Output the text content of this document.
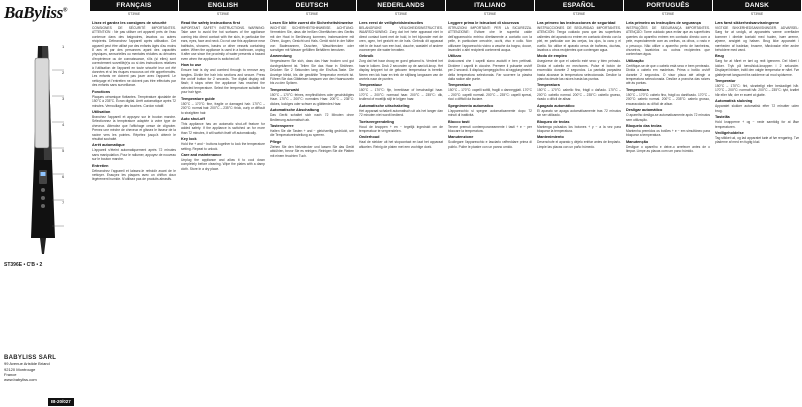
BaByliss®
1
2
3
4
5
6
7
ST396E • C'B • 2
BABYLISS SARL
99 Avenue Aristide Briand
92120 Montrouge
France
www.babyliss.com
IB-20/027
FRANÇAIS
ST396E
Lisez et gardez les consignes de sécurité
CONSIGNES DE SÉCURITÉ IMPORTANTES. ATTENTION : Ne pas utiliser cet appareil près de l'eau contenue dans des baignoires, lavabos ou autres récipients. Débranchez l'appareil après utilisation. Cet appareil peut être utilisé par des enfants âgés d'au moins 8 ans et par des personnes ayant des capacités physiques, sensorielles ou mentales réduites ou dénuées d'expérience ou de connaissance, s'ils (si elles) sont correctement surveillé(e)s ou si des instructions relatives à l'utilisation de l'appareil en toute sécurité leur ont été données et si les risques encourus ont été appréhendés. Les enfants ne doivent pas jouer avec l'appareil. Le nettoyage et l'entretien ne doivent pas être effectués par des enfants sans surveillance.
Fonctions
Plaques céramique flottantes. Température ajustable de 150°C à 235°C. Écran digital. Arrêt automatique après 72 minutes. Verrouillage des touches. Cordon rotatif.
Utilisation
Branchez l'appareil et appuyez sur le bouton marche. Sélectionnez la température adaptée à votre type de cheveux. Attendez que l'affichage cesse de clignoter. Prenez une mèche de cheveux et glissez le lisseur de la racine vers les pointes. Répétez jusqu'à obtenir le résultat souhaité.
Arrêt automatique
L'appareil s'éteint automatiquement après 72 minutes sans manipulation. Pour le rallumer, appuyez de nouveau sur le bouton marche.
Entretien
Débranchez l'appareil et laissez-le refroidir avant de le nettoyer. Essuyez les plaques avec un chiffon doux légèrement humide. N'utilisez pas de produits abrasifs.
ENGLISH
ST396E
Read the safety instructions first
IMPORTANT SAFETY INSTRUCTIONS. WARNING: Take care to avoid the hot surfaces of the appliance coming into direct contact with the skin, in particular the ears, eyes, face and neck. Do not use this appliance near bathtubs, showers, basins or other vessels containing water. When the appliance is used in a bathroom, unplug it after use since the proximity of water presents a hazard even when the appliance is switched off.
How to use
Ensure hair is dry and combed through to remove any tangles. Divide the hair into sections and secure. Press the on/off button for 2 seconds. The digital display will flash; it stops when the appliance has reached the selected temperature. Select the temperature suitable for your hair type.
Temperature guide
150°C – 170°C: fine, fragile or damaged hair. 170°C – 200°C: normal hair. 200°C – 235°C: thick, curly or difficult to straighten hair.
Auto shut-off
This appliance has an automatic shut-off feature for added safety. If the appliance is switched on for more than 72 minutes, it will switch itself off automatically.
Key lock
Hold the + and − buttons together to lock the temperature setting. Repeat to unlock.
Care and maintenance
Unplug the appliance and allow it to cool down completely before cleaning. Wipe the plates with a damp cloth. Store in a dry place.
DEUTSCH
ST396E
Lesen Sie bitte zuerst die Sicherheitshinweise
WICHTIGE SICHERHEITSHINWEISE. ACHTUNG: Vermeiden Sie, dass die heißen Oberflächen des Geräts mit der Haut in Berührung kommen, insbesondere mit Ohren, Augen, Gesicht und Hals. Gerät nicht in der Nähe von Badewannen, Duschen, Waschbecken oder sonstigen mit Wasser gefüllten Behältern benutzen.
Anwendung
Vergewissern Sie sich, dass das Haar trocken und gut durchgekämmt ist. Teilen Sie das Haar in Strähnen. Drücken Sie 2 Sekunden lang die Ein/Aus-Taste. Die Anzeige blinkt, bis die gewählte Temperatur erreicht ist. Führen Sie das Glätteisen langsam von den Haarwurzeln bis zu den Spitzen.
Temperaturwahl
150°C – 170°C: feines, empfindliches oder geschädigtes Haar. 170°C – 200°C: normales Haar. 200°C – 235°C: dickes, lockiges oder schwer zu glättendes Haar.
Automatische Abschaltung
Das Gerät schaltet sich nach 72 Minuten ohne Bedienung automatisch ab.
Tastensperre
Halten Sie die Tasten + und − gleichzeitig gedrückt, um die Temperatureinstellung zu sperren.
Pflege
Ziehen Sie den Netzstecker und lassen Sie das Gerät abkühlen, bevor Sie es reinigen. Reinigen Sie die Platten mit einem feuchten Tuch.
NEDERLANDS
ST396E
Lees eerst de veiligheidsinstructies
BELANGRIJKE VEILIGHEIDSINSTRUCTIES. WAARSCHUWING: Zorg dat het hete apparaat niet in direct contact komt met de huid, in het bijzonder met de oren, ogen, het gezicht en de hals. Gebruik dit apparaat niet in de buurt van een bad, douche, wastafel of andere voorwerpen die water bevatten.
Gebruik
Zorg dat het haar droog en goed gekamd is. Verdeel het haar in lokken. Druk 2 seconden op de aan/uit-knop. Het display knippert tot de gekozen temperatuur is bereikt. Neem een lok haar en trek de stijltang langzaam van de wortels naar de punten.
Temperatuur
150°C – 170°C: fijn, breekbaar of beschadigd haar. 170°C – 200°C: normaal haar. 200°C – 235°C: dik, krullend of moeilijk stijl te krijgen haar.
Automatische uitschakeling
Het apparaat schakelt automatisch uit als het langer dan 72 minuten niet wordt bediend.
Toetsvergrendeling
Houd de knoppen + en − tegelijk ingedrukt om de temperatuur te vergrendelen.
Onderhoud
Haal de stekker uit het stopcontact en laat het apparaat afkoelen. Reinig de platen met een vochtige doek.
ITALIANO
ST396E
Leggere prima le istruzioni di sicurezza
ISTRUZIONI IMPORTANTI PER LA SICUREZZA. ATTENZIONE: Evitare che le superfici calde dell'apparecchio entrino direttamente a contatto con la pelle, in particolare orecchie, occhi, viso e collo. Non utilizzare l'apparecchio vicino a vasche da bagno, docce, lavandini o altri recipienti contenenti acqua.
Utilizzo
Assicurarsi che i capelli siano asciutti e ben pettinati. Dividere i capelli in ciocche. Premere il pulsante on/off per 2 secondi. Il display lampeggia fino al raggiungimento della temperatura selezionata. Far scorrere la piastra dalla radice alle punte.
Temperatura
150°C – 170°C: capelli sottili, fragili o danneggiati. 170°C – 200°C: capelli normali. 200°C – 235°C: capelli spessi, ricci o difficili da lisciare.
Spegnimento automatico
L'apparecchio si spegne automaticamente dopo 72 minuti di inattività.
Blocco tasti
Tenere premuti contemporaneamente i tasti + e − per bloccare la temperatura.
Manutenzione
Scollegare l'apparecchio e lasciarlo raffreddare prima di pulirlo. Pulire le piastre con un panno umido.
ESPAÑOL
ST396E
Lea primero las instrucciones de seguridad
INSTRUCCIONES DE SEGURIDAD IMPORTANTES. ATENCIÓN: Tenga cuidado para que las superficies calientes del aparato no entren en contacto directo con la piel, en particular con las orejas, los ojos, la cara y el cuello. No utilice el aparato cerca de bañeras, duchas, lavabos u otros recipientes que contengan agua.
Modo de empleo
Asegúrese de que el cabello esté seco y bien peinado. Divida el cabello en mechones. Pulse el botón de encendido durante 2 segundos. La pantalla parpadea hasta alcanzar la temperatura seleccionada. Deslice la plancha desde las raíces hasta las puntas.
Temperatura
150°C – 170°C: cabello fino, frágil o dañado. 170°C – 200°C: cabello normal. 200°C – 235°C: cabello grueso, rizado o difícil de alisar.
Apagado automático
El aparato se apaga automáticamente tras 72 minutos sin ser utilizado.
Bloqueo de teclas
Mantenga pulsados los botones + y − a la vez para bloquear la temperatura.
Mantenimiento
Desenchufe el aparato y déjelo enfriar antes de limpiarlo. Limpie las placas con un paño húmedo.
PORTUGUÊS
ST396E
Leia primeiro as instruções de segurança
INSTRUÇÕES DE SEGURANÇA IMPORTANTES. ATENÇÃO: Tome cuidado para evitar que as superfícies quentes do aparelho entrem em contacto directo com a pele, especialmente com as orelhas, os olhos, o rosto e o pescoço. Não utilize o aparelho perto de banheiras, chuveiros, lavatórios ou outros recipientes que contenham água.
Utilização
Certifique-se de que o cabelo está seco e bem penteado. Divida o cabelo em madeixas. Prima o botão on/off durante 2 segundos. O visor pisca até atingir a temperatura seleccionada. Deslize a prancha das raízes até às pontas.
Temperatura
150°C – 170°C: cabelo fino, frágil ou danificado. 170°C – 200°C: cabelo normal. 200°C – 235°C: cabelo grosso, encaracolado ou difícil de alisar.
Desligar automático
O aparelho desliga-se automaticamente após 72 minutos sem utilização.
Bloqueio das teclas
Mantenha premidos os botões + e − em simultâneo para bloquear a temperatura.
Manutenção
Desligue o aparelho e deixe-o arrefecer antes de o limpar. Limpe as placas com um pano húmido.
DANSK
ST396E
Læs først sikkerhedsanvisningerne
VIGTIGE SIKKERHEDSANVISNINGER. ADVARSEL: Sørg for at undgå, at apparatets varme overflader kommer i direkte kontakt med huden, især ørerne, øjnene, ansigtet og halsen. Brug ikke apparatet i nærheden af badekar, brusere, håndvaske eller andre beholdere med vand.
Brug
Sørg for at håret er tørt og redt igennem. Del håret i lokker. Tryk på tænd/sluk-knappen i 2 sekunder. Displayet blinker, indtil den valgte temperatur er nået. Før glattejernet langsomt fra rødderne ud mod spidserne.
Temperatur
150°C – 170°C: fint, skrøbeligt eller beskadiget hår. 170°C – 200°C: normalt hår. 200°C – 235°C: tykt, krøllet hår eller hår, der er svært at glatte.
Automatisk slukning
Apparatet slukker automatisk efter 72 minutter uden brug.
Tastelås
Hold knapperne + og − nede samtidig for at låse temperaturen.
Vedligeholdelse
Tag stikket ud, og lad apparatet køle af før rengøring. Tør pladerne af med en fugtig klud.
